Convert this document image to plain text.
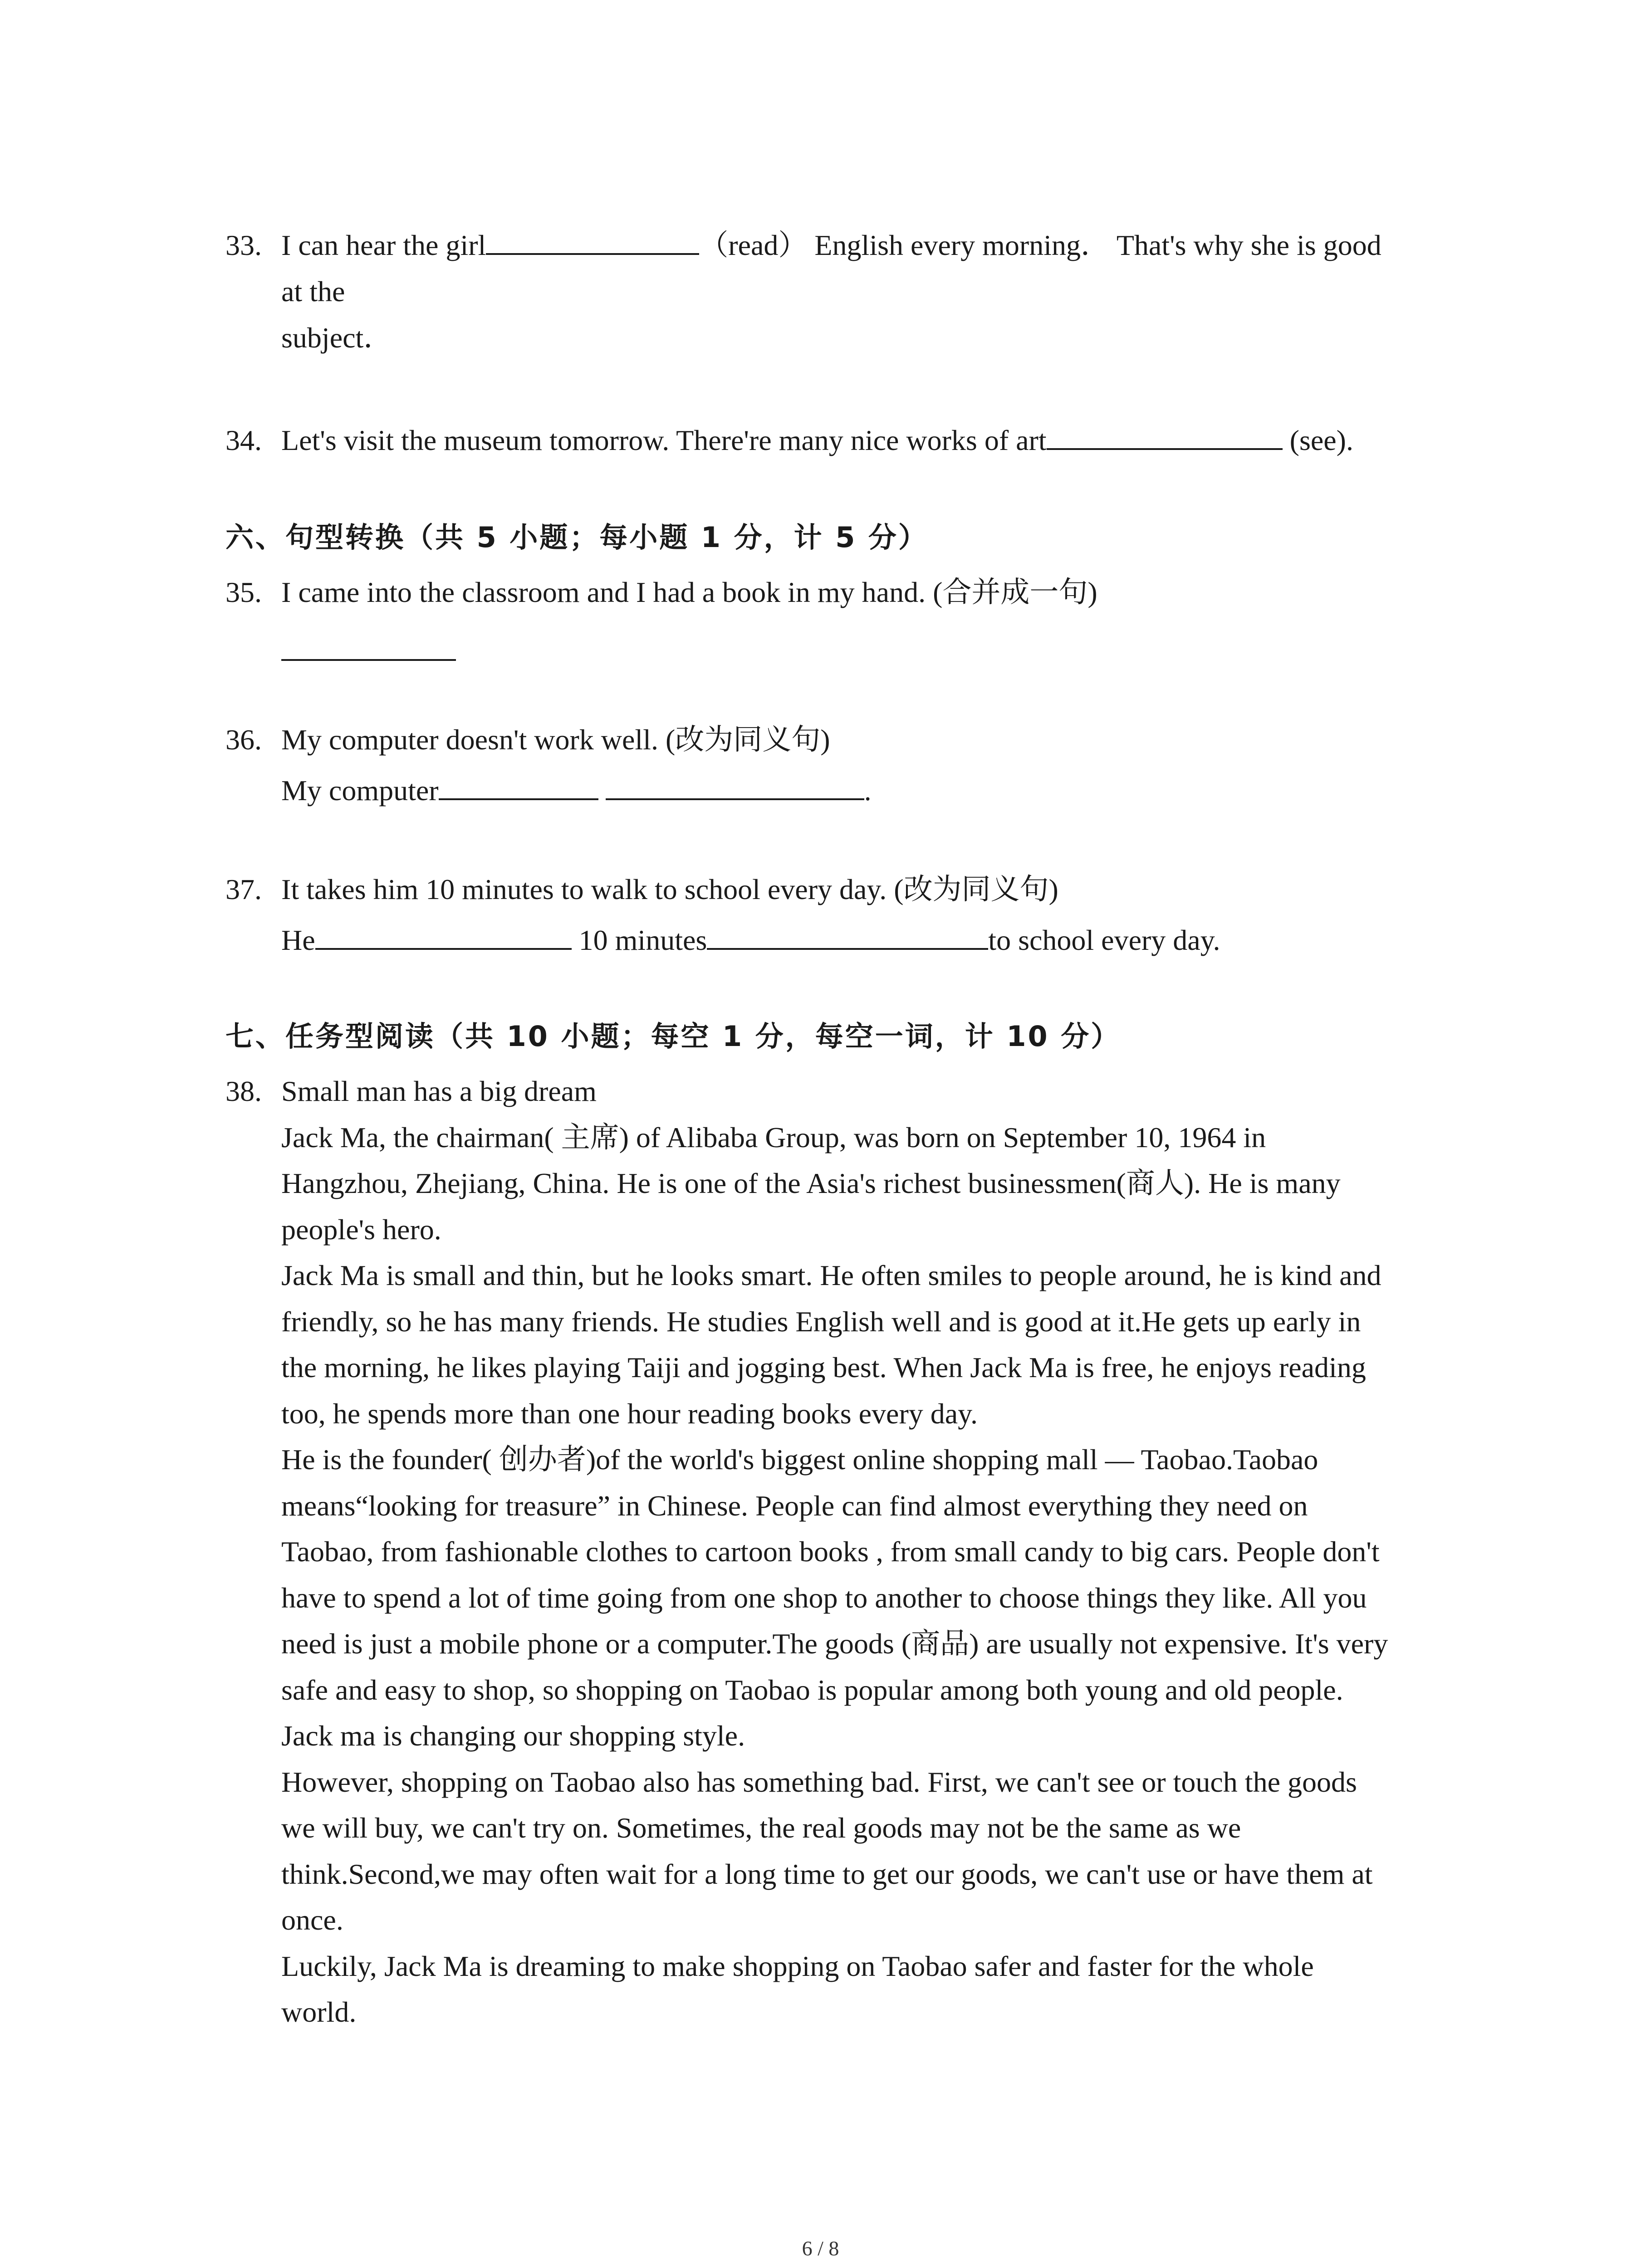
33. I can hear the girl	（read） English every morning． That's why she is good
at the
subject．
34. Let's visit the museum tomorrow. There're many nice works of art	(see).
六、句型转换（共 5 小题；每小题 1 分，计 5 分）
35. I came into the classroom and I had a book in my hand. (合并成一句)
36. My computer doesn't work well. (改为同义句)
My computer	.
37. It takes him 10 minutes to walk to school every day. (改为同义句)
He	10 minutes	to school every day.
七、任务型阅读（共 10 小题；每空 1 分，每空一词，计 10 分）
38. Small man has a big dream
Jack Ma, the chairman( 主席) of Alibaba Group, was born on September 10, 1964 in
Hangzhou, Zhejiang, China. He is one of the Asia's richest businessmen(商人). He is many
people's hero.
Jack Ma is small and thin, but he looks smart. He often smiles to people around, he is kind and
friendly, so he has many friends. He studies English well and is good at it.He gets up early in
the morning, he likes playing Taiji and jogging best. When Jack Ma is free, he enjoys reading
too, he spends more than one hour reading books every day.
He is the founder( 创办者)of the world's biggest online shopping mall — Taobao.Taobao
means“looking for treasure” in Chinese. People can find almost everything they need on
Taobao, from fashionable clothes to cartoon books , from small candy to big cars. People don't
have to spend a lot of time going from one shop to another to choose things they like. All you
need is just a mobile phone or a computer.The goods (商品) are usually not expensive. It's very
safe and easy to shop, so shopping on Taobao is popular among both young and old people.
Jack ma is changing our shopping style.
However, shopping on Taobao also has something bad. First, we can't see or touch the goods
we will buy, we can't try on. Sometimes, the real goods may not be the same as we
think.Second,we may often wait for a long time to get our goods, we can't use or have them at
once.
Luckily, Jack Ma is dreaming to make shopping on Taobao safer and faster for the whole
world.
6 / 8
